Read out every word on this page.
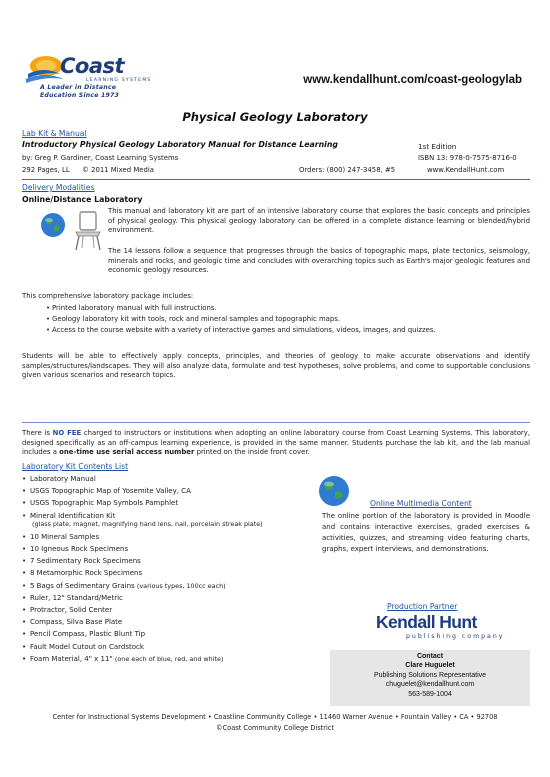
Coast
LEARNING SYSTEMS
A Leader in Distance
Education Since 1973
www.kendallhunt.com/coast-geologylab
Physical Geology Laboratory
Lab Kit & Manual
Introductory Physical Geology Laboratory Manual for Distance Learning	1st Edition
by: Greg P. Gardiner, Coast Learning Systems	ISBN 13: 978-0-7575-8716-0
292 Pages, LL © 2011 Mixed Media	Orders: (800) 247-3458, #5	www.KendallHunt.com
Delivery Modalities
Online/Distance Laboratory
This manual and laboratory kit are part of an intensive laboratory course that explores the basic concepts and principles of physical geology. This physical geology laboratory can be offered in a complete distance learning or blended/hybrid environment.
The 14 lessons follow a sequence that progresses through the basics of topographic maps, plate tectonics, seismology, minerals and rocks, and geologic time and concludes with overarching topics such as Earth's major geologic features and economic geology resources.
This comprehensive laboratory package includes:
• Printed laboratory manual with full instructions.
• Geology laboratory kit with tools, rock and mineral samples and topographic maps.
• Access to the course website with a variety of interactive games and simulations, videos, images, and quizzes.
Students will be able to effectively apply concepts, principles, and theories of geology to make accurate observations and identify samples/structures/landscapes. They will also analyze data, formulate and test hypotheses, solve problems, and come to supportable conclusions given various scenarios and research topics.
There is NO FEE charged to instructors or institutions when adopting an online laboratory course from Coast Learning Systems. This laboratory, designed specifically as an off-campus learning experience, is provided in the same manner. Students purchase the lab kit, and the lab manual includes a one-time use serial access number printed on the inside front cover.
Laboratory Kit Contents List
• Laboratory Manual
• USGS Topographic Map of Yosemite Valley, CA
• USGS Topographic Map Symbols Pamphlet
• Mineral Identification Kit
(glass plate, magnet, magnifying hand lens, nail, porcelain streak plate)
• 10 Mineral Samples
• 10 Igneous Rock Specimens
• 7 Sedimentary Rock Specimens
• 8 Metamorphic Rock Specimens
• 5 Bags of Sedimentary Grains (various types, 100cc each)
• Ruler, 12" Standard/Metric
• Protractor, Solid Center
• Compass, Silva Base Plate
• Pencil Compass, Plastic Blunt Tip
• Fault Model Cutout on Cardstock
• Foam Material, 4" x 11" (one each of blue, red, and white)
Online Multimedia Content
The online portion of the laboratory is provided in Moodle and contains interactive exercises, graded exercises & activities, quizzes, and streaming video featuring charts, graphs, expert interviews, and demonstrations.
Production Partner
Kendall Hunt
publishing company
Contact
Clare Huguelet
Publishing Solutions Representative
chuguelet@kendallhunt.com
563-589-1004
Center for Instructional Systems Development • Coastline Community College • 11460 Warner Avenue • Fountain Valley • CA • 92708
©Coast Community College District
